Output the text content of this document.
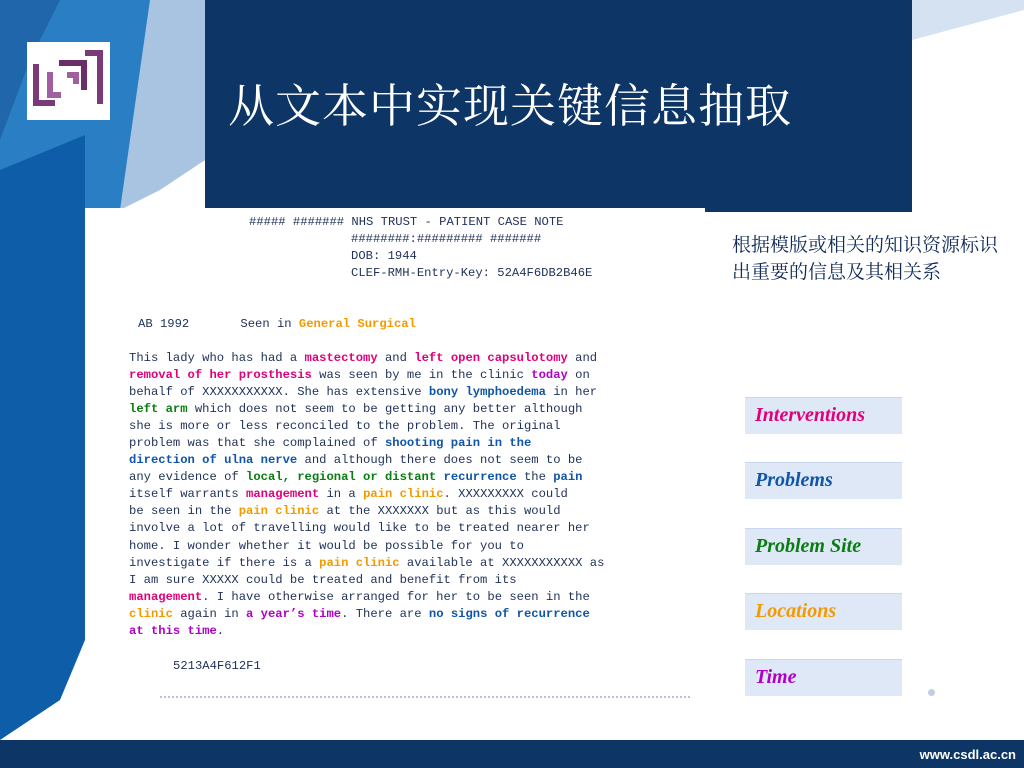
从文本中实现关键信息抽取
##### ####### NHS TRUST - PATIENT CASE NOTE
########:######### #######
DOB: 1944
CLEF-RMH-Entry-Key: 52A4F6DB2B46E
AB 1992       Seen in General Surgical
This lady who has had a mastectomy and left open capsulotomy and
removal of her prosthesis was seen by me in the clinic today on
behalf of XXXXXXXXXXX. She has extensive bony lymphoedema in her
left arm which does not seem to be getting any better although
she is more or less reconciled to the problem. The original
problem was that she complained of shooting pain in the
direction of ulna nerve and although there does not seem to be
any evidence of local, regional or distant recurrence the pain
itself warrants management in a pain clinic. XXXXXXXXX could
be seen in the pain clinic at the XXXXXXX but as this would
involve a lot of travelling would like to be treated nearer her
home. I wonder whether it would be possible for you to
investigate if there is a pain clinic available at XXXXXXXXXXX as
I am sure XXXXX could be treated and benefit from its
management. I have otherwise arranged for her to be seen in the
clinic again in a year’s time. There are no signs of recurrence
at this time.
5213A4F612F1
根据模版或相关的知识资源标识出重要的信息及其相关系
Interventions
Problems
Problem Site
Locations
Time
www.csdl.ac.cn
